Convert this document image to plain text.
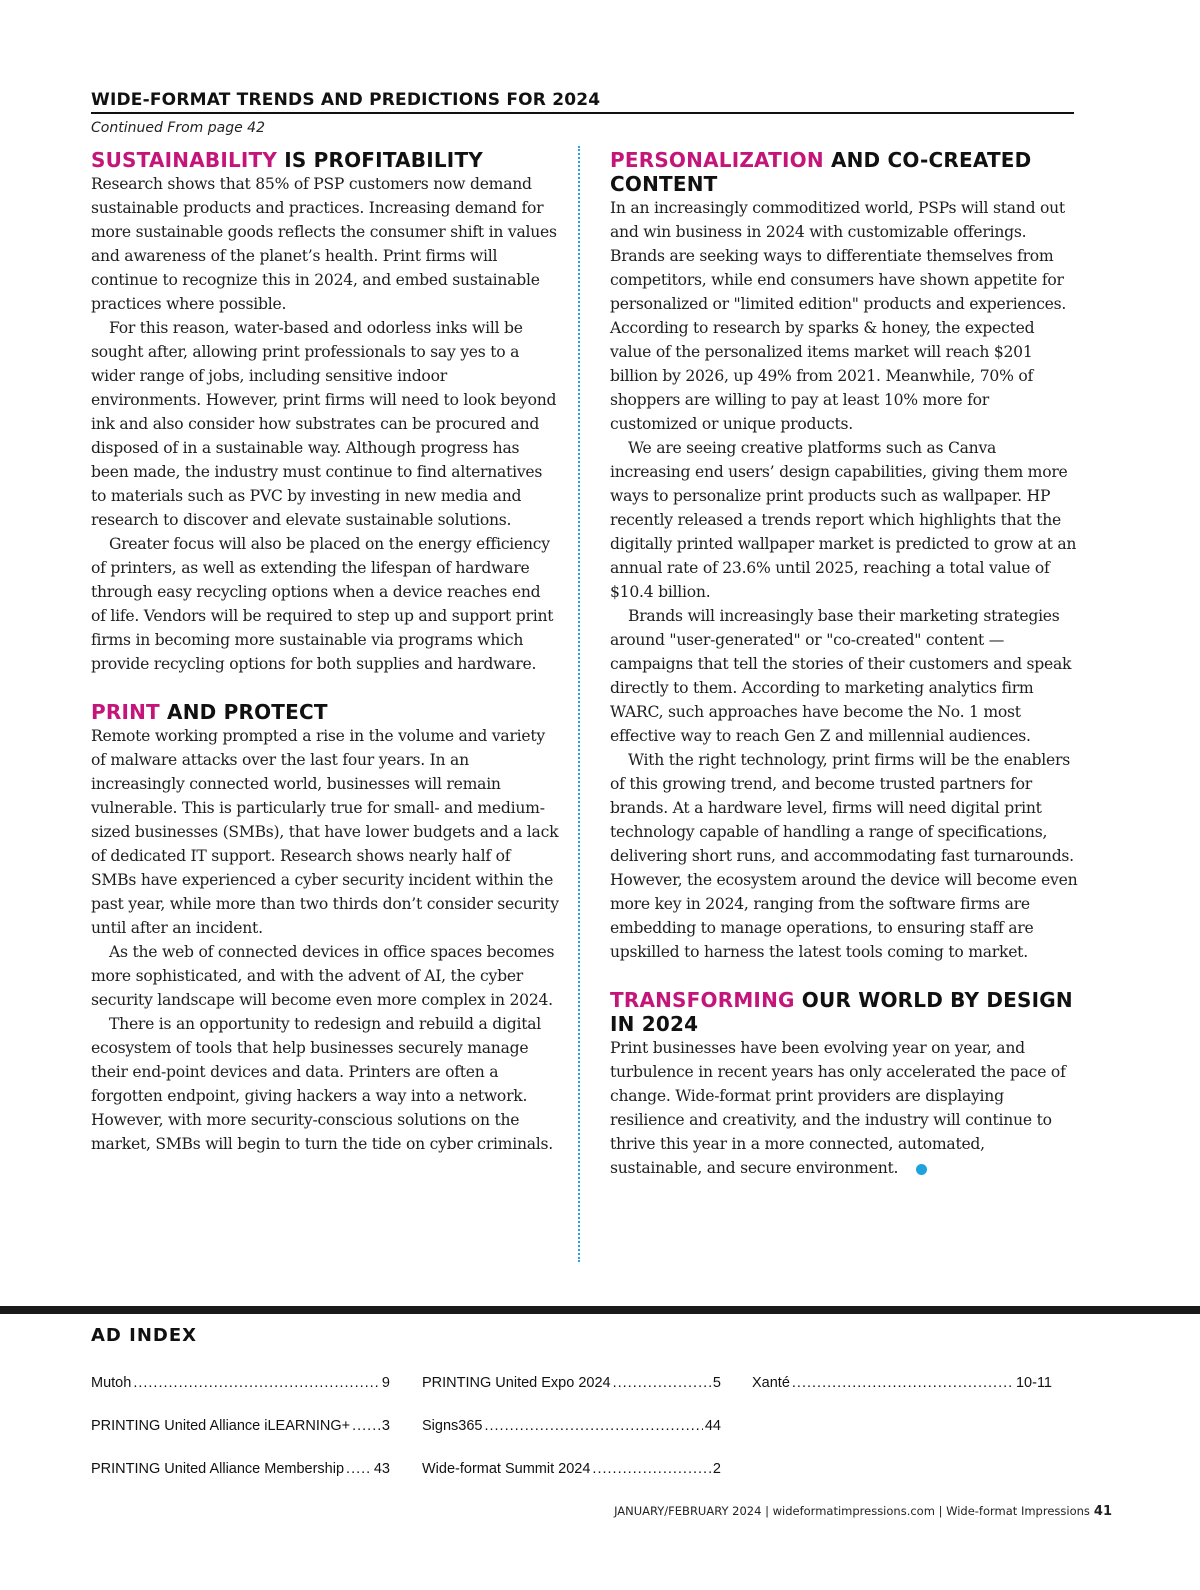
WIDE-FORMAT TRENDS AND PREDICTIONS FOR 2024
Continued From page 42
SUSTAINABILITY IS PROFITABILITY

Research shows that 85% of PSP customers now demand sustainable products and practices. Increasing demand for more sustainable goods reflects the consumer shift in values and awareness of the planet’s health. Print firms will continue to recognize this in 2024, and embed sustainable practices where possible.

For this reason, water-based and odorless inks will be sought after, allowing print professionals to say yes to a wider range of jobs, including sensitive indoor environments. However, print firms will need to look beyond ink and also consider how substrates can be procured and disposed of in a sustainable way. Although progress has been made, the industry must continue to find alternatives to materials such as PVC by investing in new media and research to discover and elevate sustainable solutions.

Greater focus will also be placed on the energy efficiency of printers, as well as extending the lifespan of hardware through easy recycling options when a device reaches end of life. Vendors will be required to step up and support print firms in becoming more sustainable via programs which provide recycling options for both supplies and hardware.

PRINT AND PROTECT

Remote working prompted a rise in the volume and variety of malware attacks over the last four years. In an increasingly connected world, businesses will remain vulnerable. This is particularly true for small- and medium-sized businesses (SMBs), that have lower budgets and a lack of dedicated IT support. Research shows nearly half of SMBs have experienced a cyber security incident within the past year, while more than two thirds don’t consider security until after an incident.

As the web of connected devices in office spaces becomes more sophisticated, and with the advent of AI, the cyber security landscape will become even more complex in 2024.

There is an opportunity to redesign and rebuild a digital ecosystem of tools that help businesses securely manage their end-point devices and data. Printers are often a forgotten endpoint, giving hackers a way into a network. However, with more security-conscious solutions on the market, SMBs will begin to turn the tide on cyber criminals.

PERSONALIZATION AND CO-CREATED CONTENT

In an increasingly commoditized world, PSPs will stand out and win business in 2024 with customizable offerings. Brands are seeking ways to differentiate themselves from competitors, while end consumers have shown appetite for personalized or "limited edition" products and experiences. According to research by sparks & honey, the expected value of the personalized items market will reach $201 billion by 2026, up 49% from 2021. Meanwhile, 70% of shoppers are willing to pay at least 10% more for customized or unique products.

We are seeing creative platforms such as Canva increasing end users’ design capabilities, giving them more ways to personalize print products such as wallpaper. HP recently released a trends report which highlights that the digitally printed wallpaper market is predicted to grow at an annual rate of 23.6% until 2025, reaching a total value of $10.4 billion.

Brands will increasingly base their marketing strategies around "user-generated" or "co-created" content — campaigns that tell the stories of their customers and speak directly to them. According to marketing analytics firm WARC, such approaches have become the No. 1 most effective way to reach Gen Z and millennial audiences.

With the right technology, print firms will be the enablers of this growing trend, and become trusted partners for brands. At a hardware level, firms will need digital print technology capable of handling a range of specifications, delivering short runs, and accommodating fast turnarounds. However, the ecosystem around the device will become even more key in 2024, ranging from the software firms are embedding to manage operations, to ensuring staff are upskilled to harness the latest tools coming to market.

TRANSFORMING OUR WORLD BY DESIGN IN 2024

Print businesses have been evolving year on year, and turbulence in recent years has only accelerated the pace of change. Wide-format print providers are displaying resilience and creativity, and the industry will continue to thrive this year in a more connected, automated, sustainable, and secure environment.

AD INDEX
Mutoh .....	9
PRINTING United Alliance iLEARNING+ ..... 3
PRINTING United Alliance Membership ..... 43
PRINTING United Expo 2024 .....	5
Signs365 .....	44
Wide-format Summit 2024 .....	2
Xanté .....	10-11
JANUARY/FEBRUARY 2024 | wideformatimpressions.com | Wide-format Impressions 41
